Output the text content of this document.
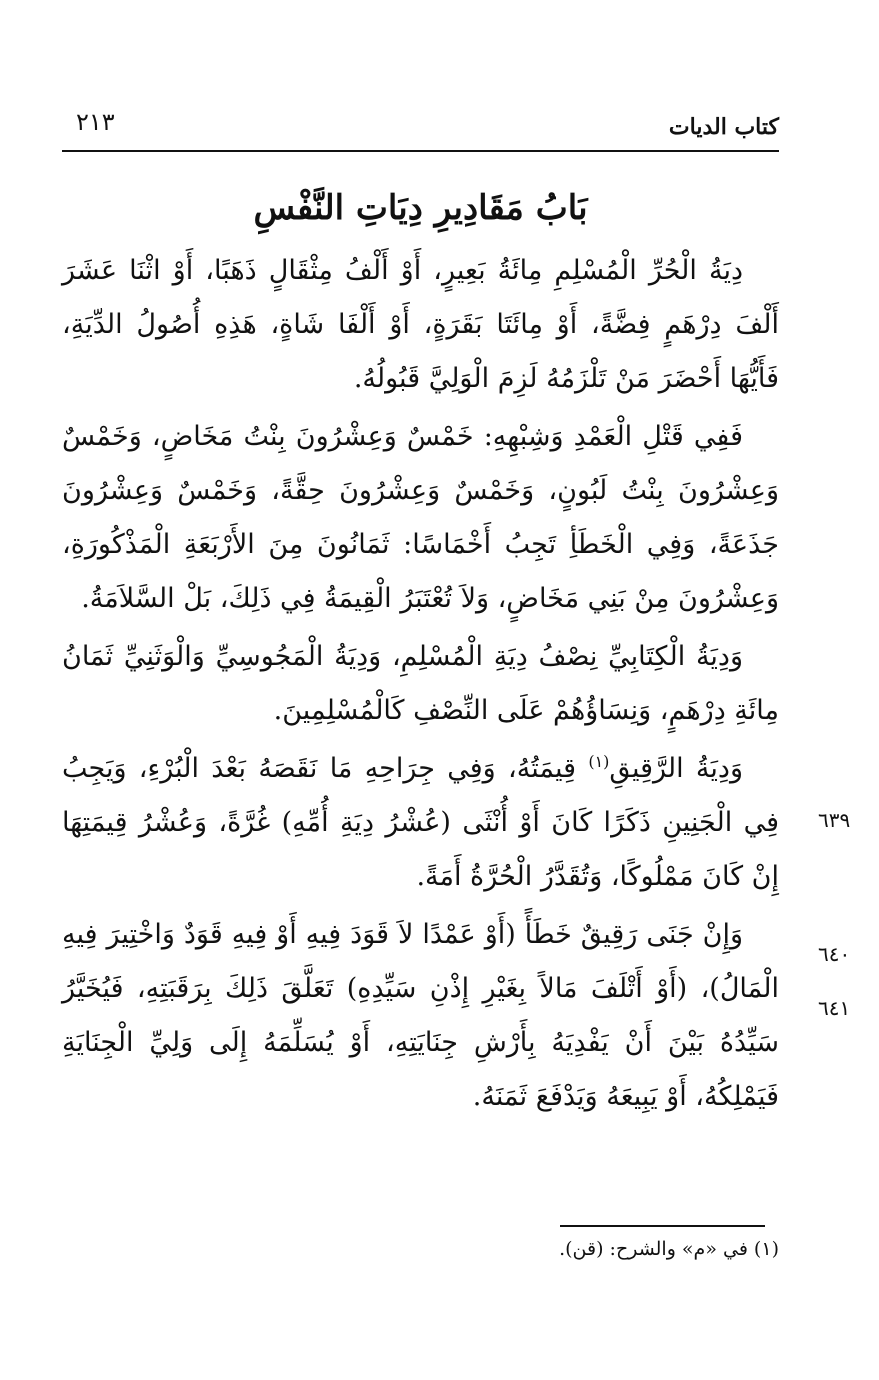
٢١٣	كتاب الديات
بَابُ مَقَادِيرِ دِيَاتِ النَّفْسِ

دِيَةُ الْحُرِّ الْمُسْلِمِ مِائَةُ بَعِيرٍ، أَوْ أَلْفُ مِثْقَالٍ ذَهَبًا، أَوْ اثْنَا عَشَرَ أَلْفَ دِرْهَمٍ فِضَّةً، أَوْ مِائَتَا بَقَرَةٍ، أَوْ أَلْفَا شَاةٍ، هَذِهِ أُصُولُ الدِّيَةِ، فَأَيُّهَا أَحْضَرَ مَنْ تَلْزَمُهُ لَزِمَ الْوَلِيَّ قَبُولُهُ.

فَفِي قَتْلِ الْعَمْدِ وَشِبْهِهِ: خَمْسٌ وَعِشْرُونَ بِنْتُ مَخَاضٍ، وَخَمْسٌ وَعِشْرُونَ بِنْتُ لَبُونٍ، وَخَمْسٌ وَعِشْرُونَ حِقَّةً، وَخَمْسٌ وَعِشْرُونَ جَذَعَةً، وَفِي الْخَطَأِ تَجِبُ أَخْمَاسًا: ثَمَانُونَ مِنَ الأَرْبَعَةِ الْمَذْكُورَةِ، وَعِشْرُونَ مِنْ بَنِي مَخَاضٍ، وَلاَ تُعْتَبَرُ الْقِيمَةُ فِي ذَلِكَ، بَلْ السَّلاَمَةُ.

وَدِيَةُ الْكِتَابِيِّ نِصْفُ دِيَةِ الْمُسْلِمِ، وَدِيَةُ الْمَجُوسِيِّ وَالْوَثَنِيِّ ثَمَانُ مِائَةِ دِرْهَمٍ، وَنِسَاؤُهُمْ عَلَى النِّصْفِ كَالْمُسْلِمِينَ.

وَدِيَةُ الرَّقِيقِ$^{(١)}$ قِيمَتُهُ، وَفِي جِرَاحِهِ مَا نَقَصَهُ بَعْدَ الْبُرْءِ، وَيَجِبُ فِي الْجَنِينِ ذَكَرًا كَانَ أَوْ أُنْثَى (عُشْرُ دِيَةِ أُمِّهِ) غُرَّةً، وَعُشْرُ قِيمَتِهَا إِنْ كَانَ مَمْلُوكًا، وَتُقَدَّرُ الْحُرَّةُ أَمَةً.

وَإِنْ جَنَى رَقِيقٌ خَطَأً (أَوْ عَمْدًا لاَ قَوَدَ فِيهِ أَوْ فِيهِ قَوَدٌ وَاخْتِيرَ فِيهِ الْمَالُ)، (أَوْ أَتْلَفَ مَالاً بِغَيْرِ إِذْنِ سَيِّدِهِ) تَعَلَّقَ ذَلِكَ بِرَقَبَتِهِ، فَيُخَيَّرُ سَيِّدُهُ بَيْنَ أَنْ يَفْدِيَهُ بِأَرْشِ جِنَايَتِهِ، أَوْ يُسَلِّمَهُ إِلَى وَلِيِّ الْجِنَايَةِ فَيَمْلِكُهُ، أَوْ يَبِيعَهُ وَيَدْفَعَ ثَمَنَهُ.

٦٣٩
٦٤٠
٦٤١
(١) في «م» والشرح: (قن).
